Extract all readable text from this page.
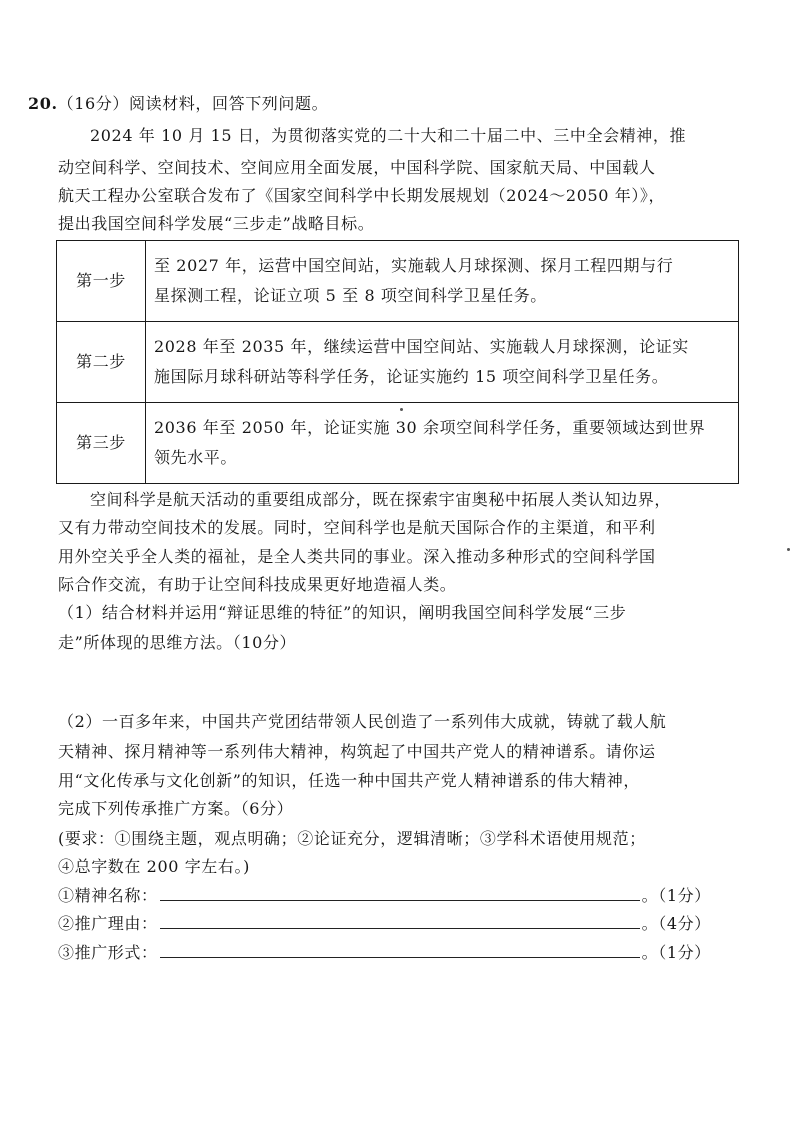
20.（16分）阅读材料，回答下列问题。
2024 年 10 月 15 日，为贯彻落实党的二十大和二十届二中、三中全会精神，推
动空间科学、空间技术、空间应用全面发展，中国科学院、国家航天局、中国载人
航天工程办公室联合发布了《国家空间科学中长期发展规划（2024～2050 年）》，
提出我国空间科学发展“三步走”战略目标。
第一步	至 2027 年，运营中国空间站，实施载人月球探测、探月工程四期与行
星探测工程，论证立项 5 至 8 项空间科学卫星任务。

第二步	2028 年至 2035 年，继续运营中国空间站、实施载人月球探测，论证实
施国际月球科研站等科学任务，论证实施约 15 项空间科学卫星任务。

第三步	2036 年至 2050 年，论证实施 30 余项空间科学任务，重要领域达到世界
领先水平。
空间科学是航天活动的重要组成部分，既在探索宇宙奥秘中拓展人类认知边界，
又有力带动空间技术的发展。同时，空间科学也是航天国际合作的主渠道，和平利
用外空关乎全人类的福祉，是全人类共同的事业。深入推动多种形式的空间科学国
际合作交流，有助于让空间科技成果更好地造福人类。
（1）结合材料并运用“辩证思维的特征”的知识，阐明我国空间科学发展“三步
走”所体现的思维方法。（10分）
（2）一百多年来，中国共产党团结带领人民创造了一系列伟大成就，铸就了载人航
天精神、探月精神等一系列伟大精神，构筑起了中国共产党人的精神谱系。请你运
用“文化传承与文化创新”的知识，任选一种中国共产党人精神谱系的伟大精神，
完成下列传承推广方案。（6分）
(要求：①围绕主题，观点明确；②论证充分，逻辑清晰；③学科术语使用规范；
④总字数在 200 字左右。)
①精神名称：	。（1分）
②推广理由：	。（4分）
③推广形式：	。（1分）
